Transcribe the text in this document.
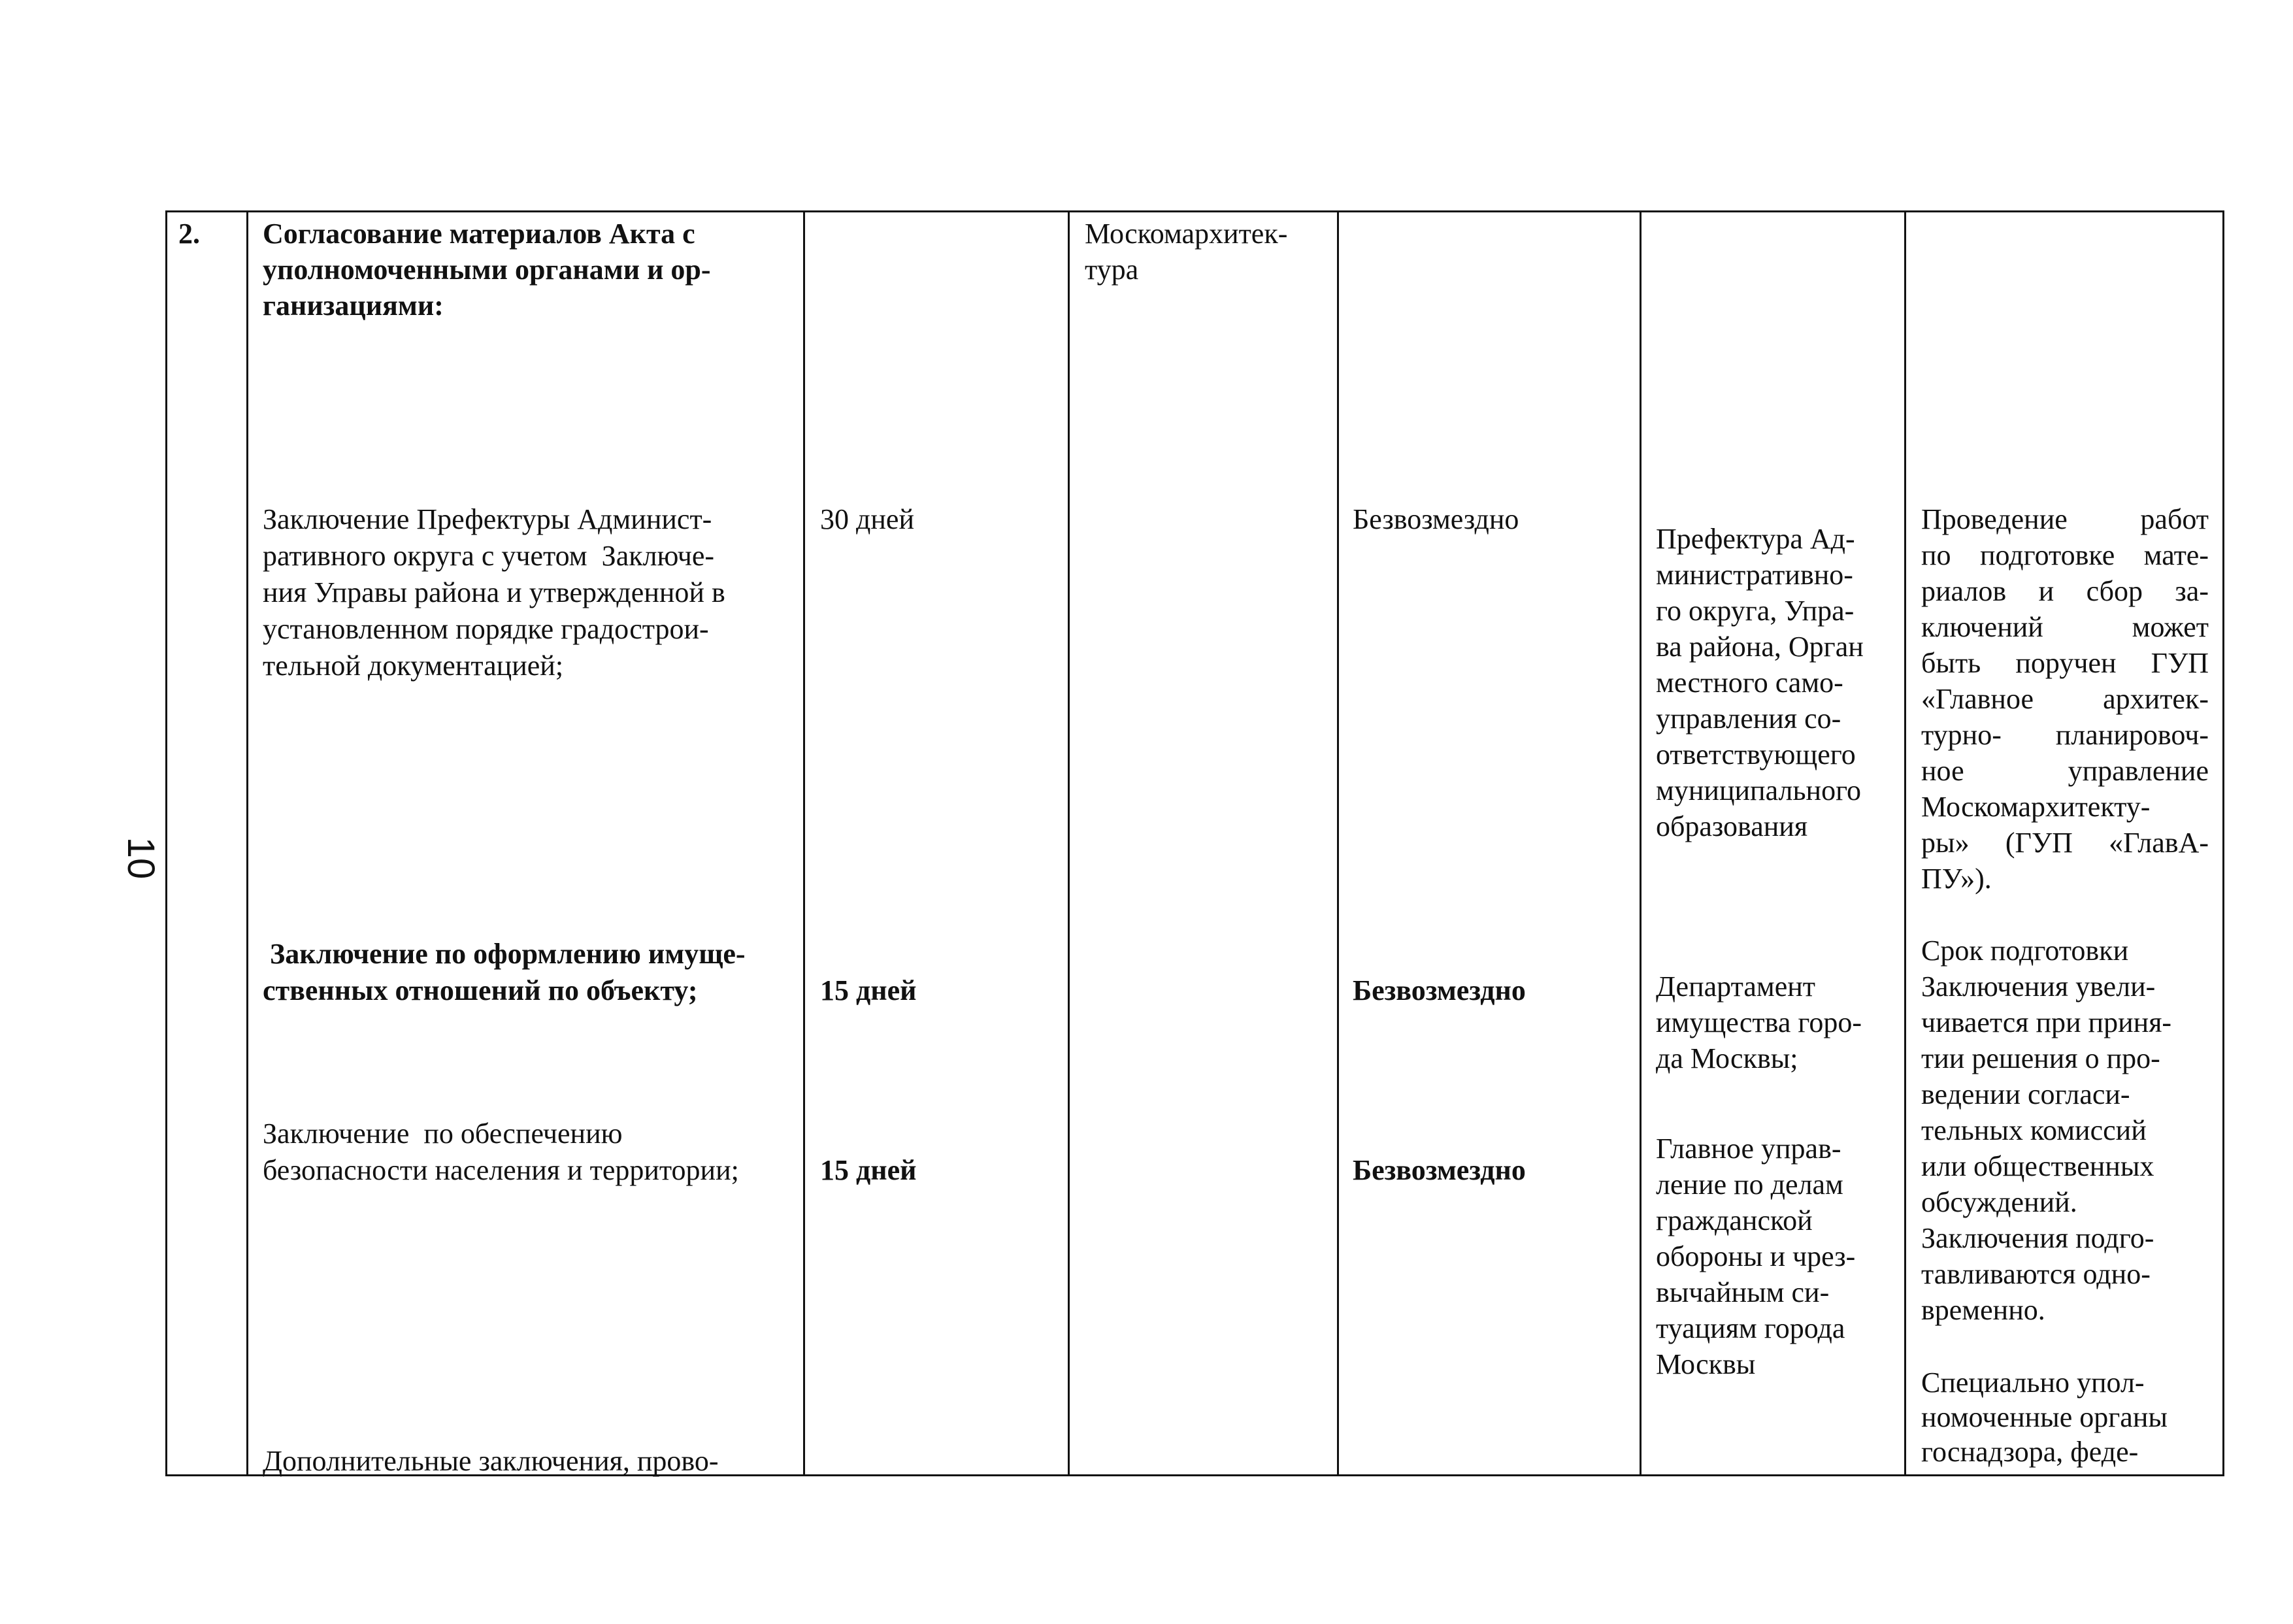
10
2. Согласование материалов Акта с
уполномоченными органами и ор-
ганизациями:
Заключение Префектуры Админист-
ративного округа с учетом  Заключе-
ния Управы района и утвержденной в
установленном порядке градострои-
тельной документацией;
Заключение по оформлению имуще-
ственных отношений по объекту;
Заключение  по обеспечению
безопасности населения и территории;
Дополнительные заключения, прово-
30 дней
15 дней
15 дней
Москомархитек-
тура
Безвозмездно
Безвозмездно
Безвозмездно
Префектура Ад-
министративно-
го округа, Упра-
ва района, Орган
местного само-
управления со-
ответствующего
муниципального
образования
Департамент
имущества горо-
да Москвы;
Главное управ-
ление по делам
гражданской
обороны и чрез-
вычайным си-
туациям города
Москвы
Проведение работ
по подготовке мате-
риалов и сбор за-
ключений может
быть поручен ГУП
«Главное архитек-
турно- планировоч-
ное управление
Москомархитекту-
ры» (ГУП «ГлавА-
ПУ»).
Срок подготовки
Заключения увели-
чивается при приня-
тии решения о про-
ведении согласи-
тельных комиссий
или общественных
обсуждений.
Заключения подго-
тавливаются одно-
временно.
Специально упол-
номоченные органы
госнадзора, феде-
